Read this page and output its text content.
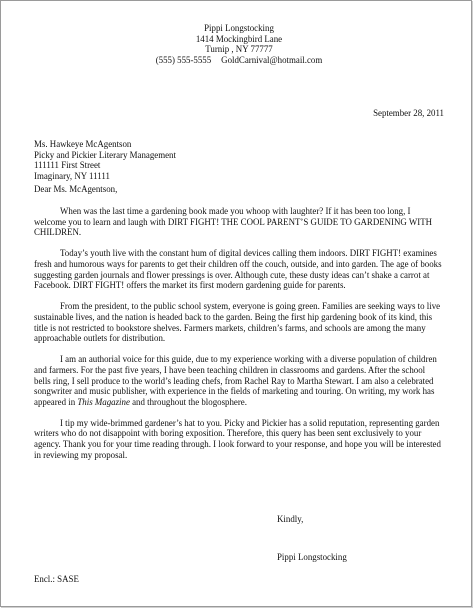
Pippi Longstocking
1414 Mockingbird Lane
Turnip , NY 77777
(555) 555-5555 GoldCarnival@hotmail.com
September 28, 2011
Ms. Hawkeye McAgentson
Picky and Pickier Literary Management
111111 First Street
Imaginary, NY 11111
Dear Ms. McAgentson,

When was the last time a gardening book made you whoop with laughter? If it has been too long, I welcome you to learn and laugh with DIRT FIGHT! THE COOL PARENT’S GUIDE TO GARDENING WITH CHILDREN.

Today’s youth live with the constant hum of digital devices calling them indoors. DIRT FIGHT! examines fresh and humorous ways for parents to get their children off the couch, outside, and into garden. The age of books suggesting garden journals and flower pressings is over. Although cute, these dusty ideas can’t shake a carrot at Facebook. DIRT FIGHT! offers the market its first modern gardening guide for parents.

From the president, to the public school system, everyone is going green. Families are seeking ways to live sustainable lives, and the nation is headed back to the garden. Being the first hip gardening book of its kind, this title is not restricted to bookstore shelves. Farmers markets, children’s farms, and schools are among the many approachable outlets for distribution.

I am an authorial voice for this guide, due to my experience working with a diverse population of children and farmers. For the past five years, I have been teaching children in classrooms and gardens. After the school bells ring, I sell produce to the world’s leading chefs, from Rachel Ray to Martha Stewart. I am also a celebrated songwriter and music publisher, with experience in the fields of marketing and touring. On writing, my work has appeared in This Magazine and throughout the blogosphere.

I tip my wide-brimmed gardener’s hat to you. Picky and Pickier has a solid reputation, representing garden writers who do not disappoint with boring exposition. Therefore, this query has been sent exclusively to your agency. Thank you for your time reading through. I look forward to your response, and hope you will be interested in reviewing my proposal.

Kindly,
Pippi Longstocking
Encl.: SASE
